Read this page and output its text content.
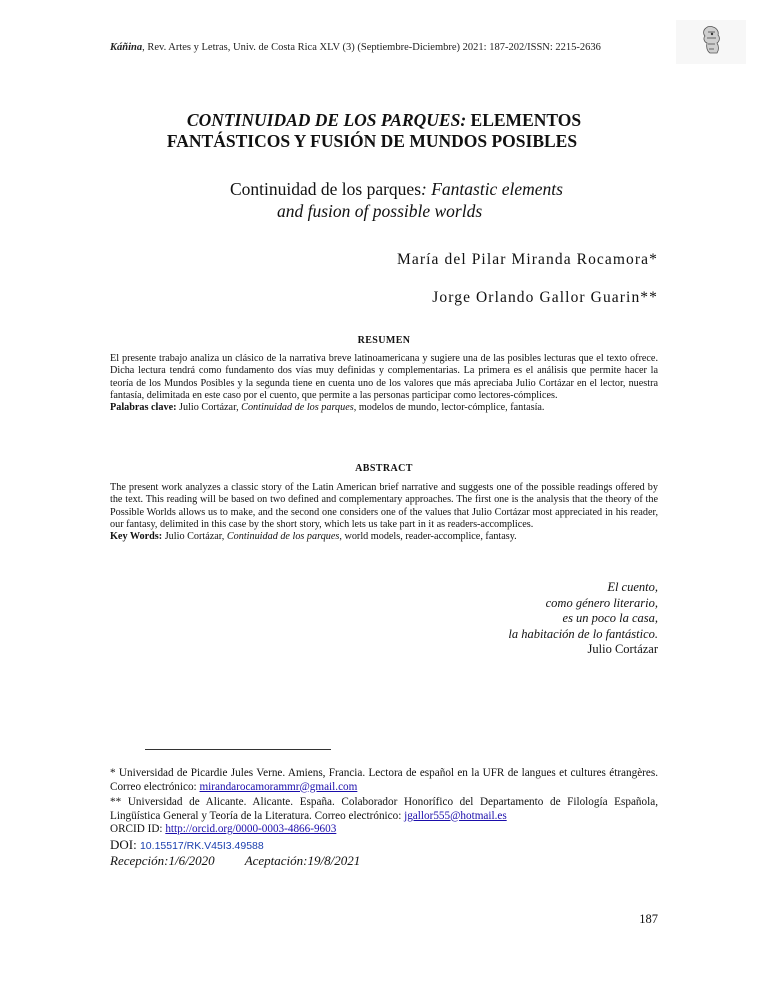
Káñina, Rev. Artes y Letras, Univ. de Costa Rica XLV (3) (Septiembre-Diciembre) 2021: 187-202/ISSN: 2215-2636
CONTINUIDAD DE LOS PARQUES: ELEMENTOS
FANTÁSTICOS Y FUSIÓN DE MUNDOS POSIBLES
Continuidad de los parques: Fantastic elements
and fusion of possible worlds
María del Pilar Miranda Rocamora*
Jorge Orlando Gallor Guarin**
RESUMEN
El presente trabajo analiza un clásico de la narrativa breve latinoamericana y sugiere una de las posibles lecturas que el texto ofrece. Dicha lectura tendrá como fundamento dos vías muy definidas y complementarias. La primera es el análisis que permite hacer la teoría de los Mundos Posibles y la segunda tiene en cuenta uno de los valores que más apreciaba Julio Cortázar en el lector, nuestra fantasía, delimitada en este caso por el cuento, que permite a las personas participar como lectores-cómplices.
Palabras clave: Julio Cortázar, Continuidad de los parques, modelos de mundo, lector-cómplice, fantasía.
ABSTRACT
The present work analyzes a classic story of the Latin American brief narrative and suggests one of the possible readings offered by the text. This reading will be based on two defined and complementary approaches. The first one is the analysis that the theory of the Possible Worlds allows us to make, and the second one considers one of the values that Julio Cortázar most appreciated in his reader, our fantasy, delimited in this case by the short story, which lets us take part in it as readers-accomplices.
Key Words: Julio Cortázar, Continuidad de los parques, world models, reader-accomplice, fantasy.
El cuento,
como género literario,
es un poco la casa,
la habitación de lo fantástico.
Julio Cortázar
* Universidad de Picardie Jules Verne. Amiens, Francia. Lectora de español en la UFR de langues et cultures étrangères. Correo electrónico: mirandarocamorammr@gmail.com
** Universidad de Alicante. Alicante. España. Colaborador Honorífico del Departamento de Filología Española, Lingüística General y Teoría de la Literatura. Correo electrónico: jgallor555@hotmail.es
ORCID ID: http://orcid.org/0000-0003-4866-9603
DOI: 10.15517/RK.V45I3.49588
Recepción:1/6/2020 Aceptación:19/8/2021
187
